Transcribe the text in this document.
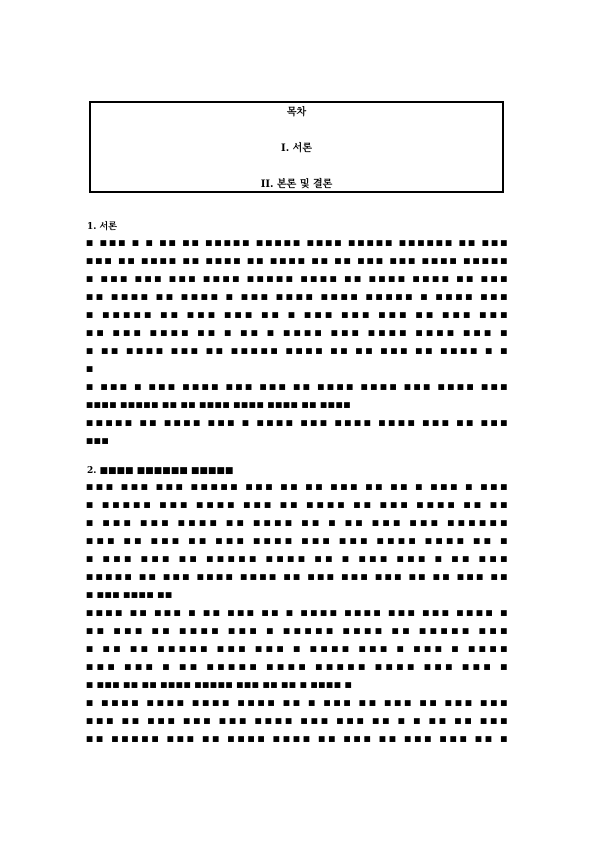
목차
I. 서론
II. 본론 및 결론
1. 서론
■ ■■■ ■ ■ ■■ ■■ ■■■■■ ■■■■■ ■■■■ ■■■■■ ■■■■■■ ■■ ■■■
■■■ ■■ ■■■■ ■■ ■■■■ ■■ ■■■■ ■■ ■■ ■■■ ■■■ ■■■■ ■■■■■
■ ■■■ ■■■ ■■■ ■■■■ ■■■■■ ■■■■ ■■ ■■■■ ■■■■ ■■ ■■■
■■ ■■■■ ■■ ■■■■ ■ ■■■ ■■■■ ■■■■ ■■■■■ ■ ■■■■ ■■■
■ ■■■■■ ■■ ■■■ ■■■ ■■ ■ ■■■ ■■■ ■■■ ■■ ■■■ ■■■
■■ ■■■ ■■■■ ■■ ■ ■■ ■ ■■■■ ■■■ ■■■■ ■■■■ ■■■ ■
■ ■■ ■■■■ ■■■ ■■ ■■■■■ ■■■■ ■■ ■■ ■■■ ■■ ■■■■ ■ ■
■
■ ■■■ ■ ■■■ ■■■■ ■■■ ■■■ ■■ ■■■■ ■■■■ ■■■ ■■■■ ■■■
■■■■ ■■■■■ ■■ ■■ ■■■■ ■■■■ ■■■■ ■■ ■■■■
■■■■■ ■■ ■■■■ ■■■ ■ ■■■■ ■■■ ■■■■ ■■■■ ■■■ ■■ ■■■
■■■
2. ■■■■ ■■■■■■ ■■■■■
■■■ ■■■ ■■■ ■■■■■ ■■■ ■■ ■■ ■■■ ■■ ■■ ■ ■■■ ■ ■■■
■ ■■■■■ ■■■ ■■■■ ■■■ ■■ ■■■■ ■■ ■■■ ■■■■ ■■ ■■
■ ■■■ ■■■ ■■■■ ■■ ■■■■ ■■ ■ ■■ ■■■ ■■■ ■■■■■■
■■■ ■■ ■■■ ■■ ■■■ ■■■■ ■■■ ■■■ ■■■■ ■■■■ ■■ ■
■ ■■■ ■■■ ■■ ■■■■■ ■■■■ ■■ ■ ■■■ ■■■ ■ ■■ ■■■
■■■■■ ■■ ■■■ ■■■■ ■■■■ ■■ ■■■ ■■■ ■■■ ■■ ■■ ■■■ ■■
■ ■■■ ■■■■ ■■
■■■■ ■■ ■■■ ■ ■■ ■■■ ■■ ■ ■■■■ ■■■■ ■■■ ■■■ ■■■■ ■
■■ ■■■ ■■ ■■■■ ■■■ ■ ■■■■■ ■■■■ ■■ ■■■■■ ■■■
■ ■■ ■■ ■■■■■ ■■■ ■■■ ■ ■■■■ ■■■ ■ ■■■ ■ ■■■■
■■■ ■■■ ■ ■■ ■■■■■ ■■■■ ■■■■■ ■■■■ ■■■ ■■■ ■
■ ■■■ ■■ ■■ ■■■■ ■■■■■ ■■■ ■■ ■■ ■ ■■■■ ■
■ ■■■■ ■■■■ ■■■■ ■■■■ ■■ ■ ■■■ ■■ ■■■ ■■ ■■■ ■■■
■■■ ■■ ■■■ ■■■ ■■■ ■■■■ ■■■ ■■■ ■■ ■ ■ ■■ ■■ ■■■
■■ ■■■■■ ■■■ ■■ ■■■■ ■■■■ ■■ ■■■ ■■ ■■■ ■■■ ■■ ■
